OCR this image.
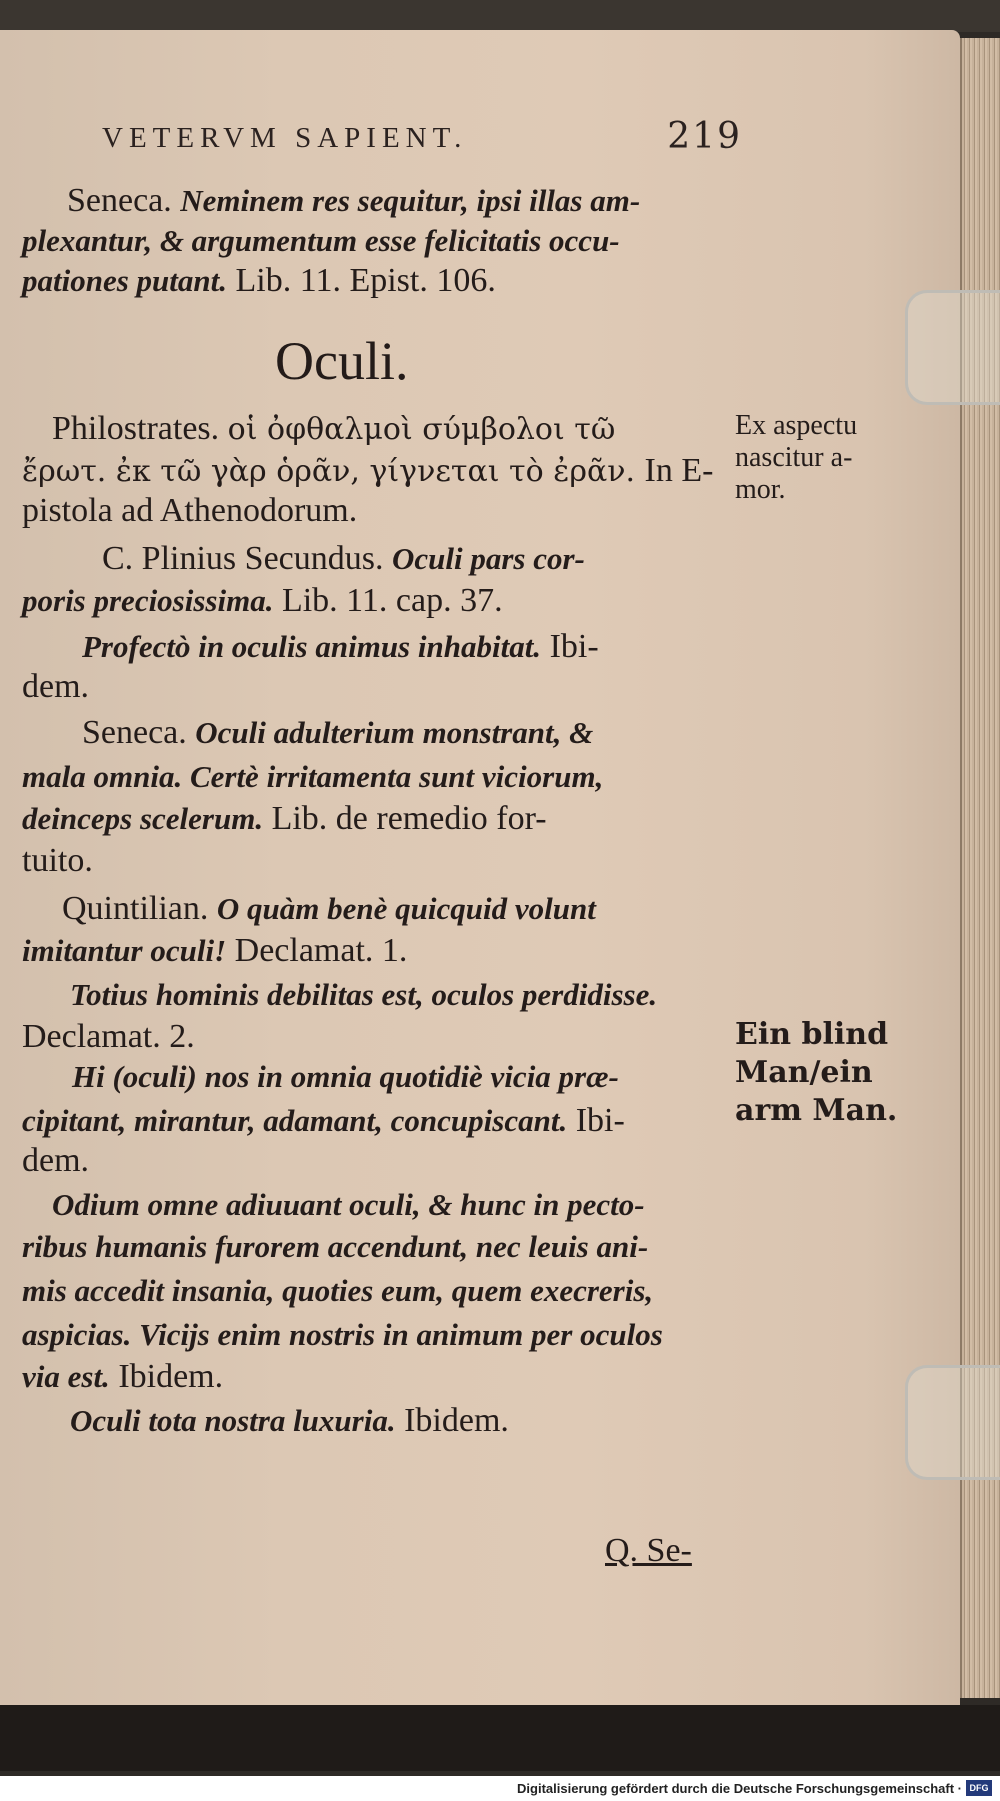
VETERVM SAPIENT.	219
Oculi.
Seneca. Neminem res sequitur, ipsi illas am-
plexantur, & argumentum esse felicitatis occu-
pationes putant. Lib. 11. Epist. 106.
Philostrates. οἱ ὀφθαλμοὶ σύμβολοι τῶ
ἔρωτ. ἐκ τῶ γὰρ ὁρᾶν, γίγνεται τὸ ἐρᾶν. In E-
pistola ad Athenodorum.
C. Plinius Secundus. Oculi pars cor-
poris preciosissima. Lib. 11. cap. 37.
Profectò in oculis animus inhabitat. Ibi-
dem.
Seneca. Oculi adulterium monstrant, &
mala omnia. Certè irritamenta sunt viciorum,
deinceps scelerum. Lib. de remedio for-
tuito.
Quintilian. O quàm benè quicquid volunt
imitantur oculi! Declamat. 1.
Totius hominis debilitas est, oculos perdidisse.
Declamat. 2.
Hi (oculi) nos in omnia quotidiè vicia præ-
cipitant, mirantur, adamant, concupiscant. Ibi-
dem.
Odium omne adiuuant oculi, & hunc in pecto-
ribus humanis furorem accendunt, nec leuis ani-
mis accedit insania, quoties eum, quem execreris,
aspicias. Vicijs enim nostris in animum per oculos
via est. Ibidem.
Oculi tota nostra luxuria. Ibidem.
Ex aspectu
nascitur a-
mor.
Ein blind
Man/ein
arm Man.
Q. Se-
Digitalisierung gefördert durch die Deutsche Forschungsgemeinschaft · DFG
